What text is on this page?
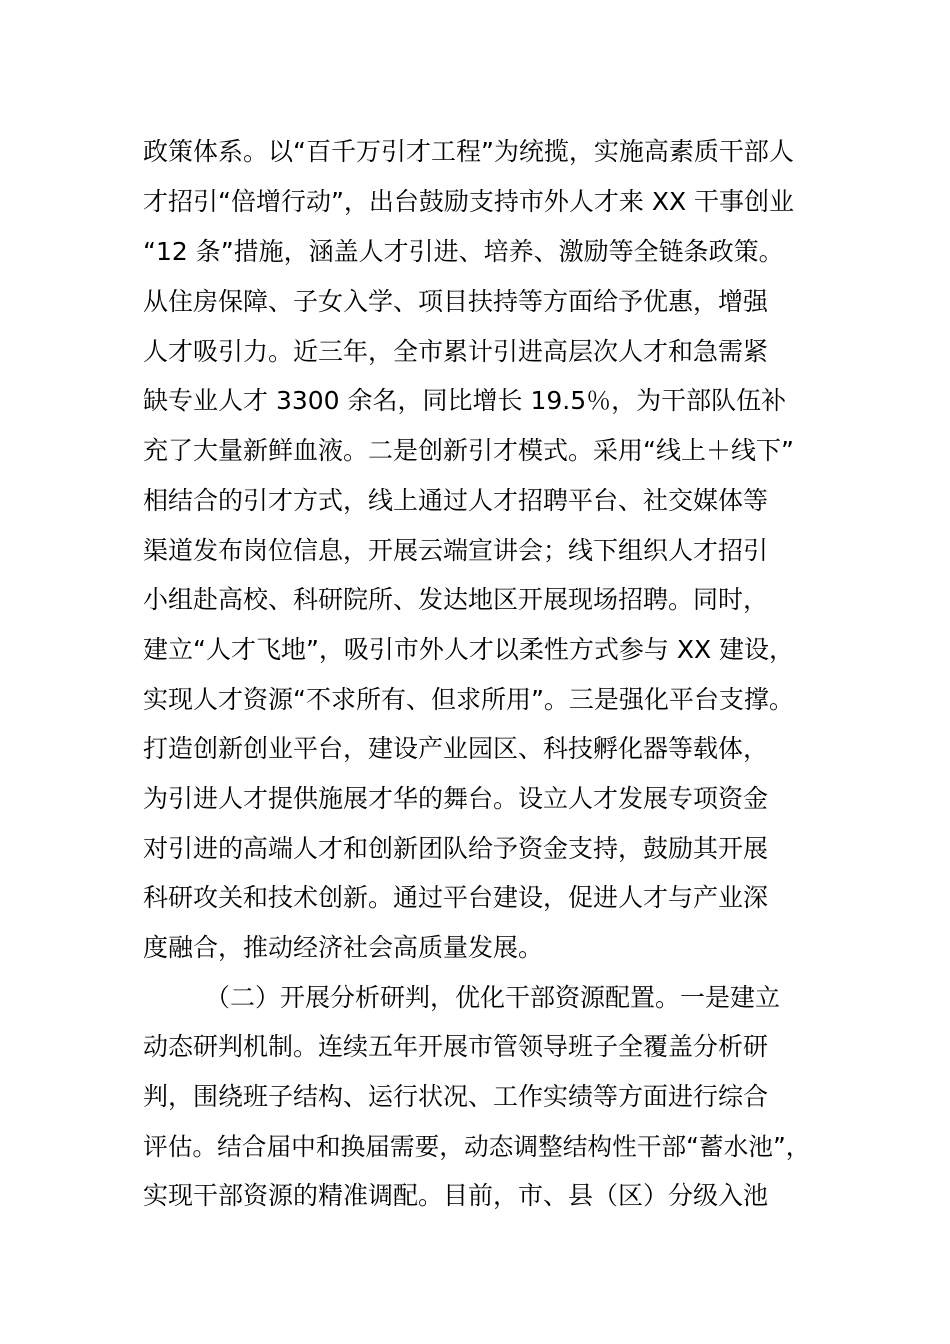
政策体系。以“百千万引才工程”为统揽，实施高素质干部人
才招引“倍增行动”，出台鼓励支持市外人才来 XX 干事创业
“12 条”措施，涵盖人才引进、培养、激励等全链条政策。
从住房保障、子女入学、项目扶持等方面给予优惠，增强
人才吸引力。近三年，全市累计引进高层次人才和急需紧
缺专业人才 3300 余名，同比增长 19.5％，为干部队伍补
充了大量新鲜血液。二是创新引才模式。采用“线上＋线下”
相结合的引才方式，线上通过人才招聘平台、社交媒体等
渠道发布岗位信息，开展云端宣讲会；线下组织人才招引
小组赴高校、科研院所、发达地区开展现场招聘。同时，
建立“人才飞地”，吸引市外人才以柔性方式参与 XX 建设，
实现人才资源“不求所有、但求所用”。三是强化平台支撑。
打造创新创业平台，建设产业园区、科技孵化器等载体，
为引进人才提供施展才华的舞台。设立人才发展专项资金
对引进的高端人才和创新团队给予资金支持，鼓励其开展
科研攻关和技术创新。通过平台建设，促进人才与产业深
度融合，推动经济社会高质量发展。
（二）开展分析研判，优化干部资源配置。一是建立
动态研判机制。连续五年开展市管领导班子全覆盖分析研
判，围绕班子结构、运行状况、工作实绩等方面进行综合
评估。结合届中和换届需要，动态调整结构性干部“蓄水池”，
实现干部资源的精准调配。目前，市、县（区）分级入池
